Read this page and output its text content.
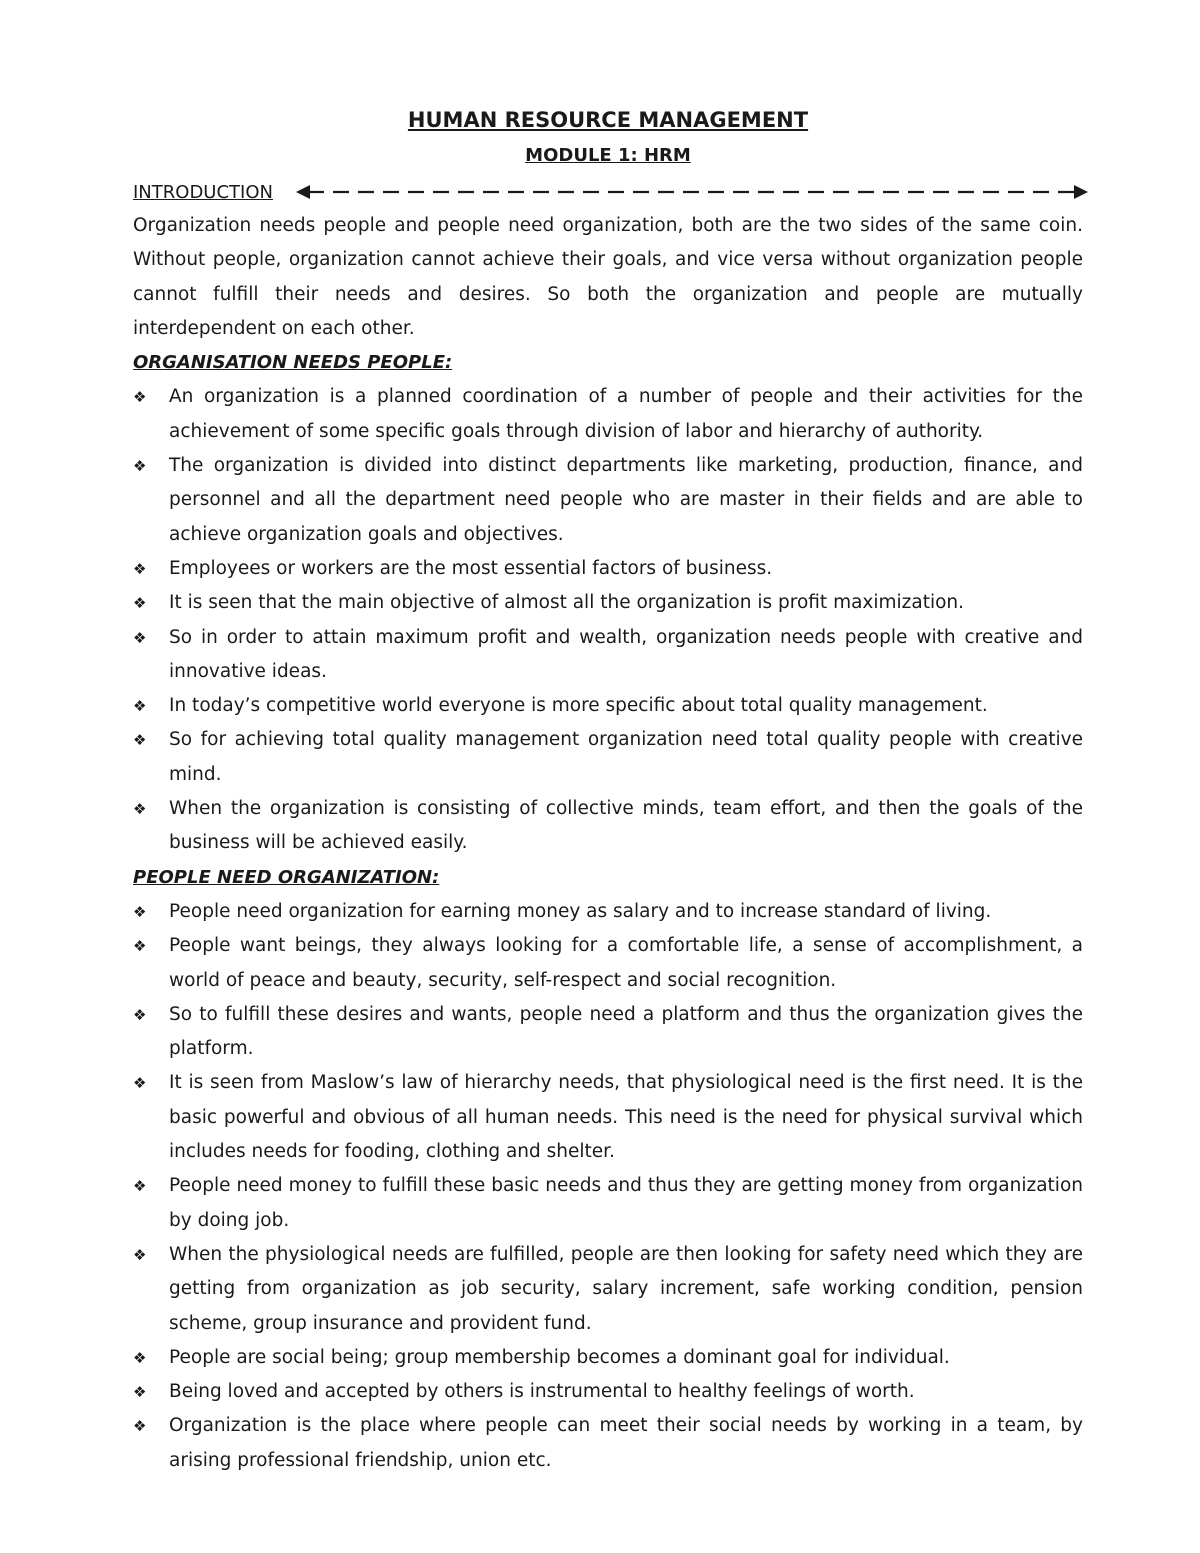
HUMAN RESOURCE MANAGEMENT
MODULE 1: HRM
INTRODUCTION

Organization needs people and people need organization, both are the two sides of the same coin. Without people, organization cannot achieve their goals, and vice versa without organization people cannot fulfill their needs and desires. So both the organization and people are mutually interdependent on each other.

ORGANISATION NEEDS PEOPLE:

❖	An organization is a planned coordination of a number of people and their activities for the achievement of some specific goals through division of labor and hierarchy of authority.
❖	The organization is divided into distinct departments like marketing, production, finance, and personnel and all the department need people who are master in their fields and are able to achieve organization goals and objectives.
❖	Employees or workers are the most essential factors of business.
❖	It is seen that the main objective of almost all the organization is profit maximization.
❖	So in order to attain maximum profit and wealth, organization needs people with creative and innovative ideas.
❖	In today’s competitive world everyone is more specific about total quality management.
❖	So for achieving total quality management organization need total quality people with creative mind.
❖	When the organization is consisting of collective minds, team effort, and then the goals of the business will be achieved easily.

PEOPLE NEED ORGANIZATION:

❖	People need organization for earning money as salary and to increase standard of living.
❖	People want beings, they always looking for a comfortable life, a sense of accomplishment, a world of peace and beauty, security, self-respect and social recognition.
❖	So to fulfill these desires and wants, people need a platform and thus the organization gives the platform.
❖	It is seen from Maslow’s law of hierarchy needs, that physiological need is the first need. It is the basic powerful and obvious of all human needs. This need is the need for physical survival which includes needs for fooding, clothing and shelter.
❖	People need money to fulfill these basic needs and thus they are getting money from organization by doing job.
❖	When the physiological needs are fulfilled, people are then looking for safety need which they are getting from organization as job security, salary increment, safe working condition, pension scheme, group insurance and provident fund.
❖	People are social being; group membership becomes a dominant goal for individual.
❖	Being loved and accepted by others is instrumental to healthy feelings of worth.
❖	Organization is the place where people can meet their social needs by working in a team, by arising professional friendship, union etc.
